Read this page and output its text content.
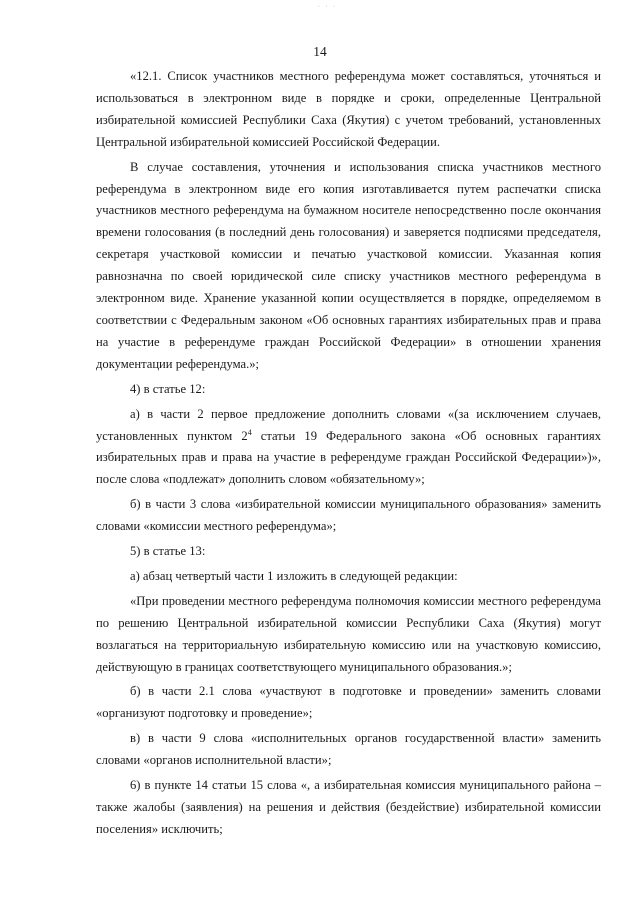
· · ·
14

«12.1. Список участников местного референдума может составляться, уточняться и использоваться в электронном виде в порядке и сроки, определенные Центральной избирательной комиссией Республики Саха (Якутия) с учетом требований, установленных Центральной избирательной комиссией Российской Федерации.

В случае составления, уточнения и использования списка участников местного референдума в электронном виде его копия изготавливается путем распечатки списка участников местного референдума на бумажном носителе непосредственно после окончания времени голосования (в последний день голосования) и заверяется подписями председателя, секретаря участковой комиссии и печатью участковой комиссии. Указанная копия равнозначна по своей юридической силе списку участников местного референдума в электронном виде. Хранение указанной копии осуществляется в порядке, определяемом в соответствии с Федеральным законом «Об основных гарантиях избирательных прав и права на участие в референдуме граждан Российской Федерации» в отношении хранения документации референдума.»;

4) в статье 12:

а) в части 2 первое предложение дополнить словами «(за исключением случаев, установленных пунктом $2^4$ статьи 19 Федерального закона «Об основных гарантиях избирательных прав и права на участие в референдуме граждан Российской Федерации»)», после слова «подлежат» дополнить словом «обязательному»;

б) в части 3 слова «избирательной комиссии муниципального образования» заменить словами «комиссии местного референдума»;

5) в статье 13:

а) абзац четвертый части 1 изложить в следующей редакции:

«При проведении местного референдума полномочия комиссии местного референдума по решению Центральной избирательной комиссии Республики Саха (Якутия) могут возлагаться на территориальную избирательную комиссию или на участковую комиссию, действующую в границах соответствующего муниципального образования.»;

б) в части 2.1 слова «участвуют в подготовке и проведении» заменить словами «организуют подготовку и проведение»;

в) в части 9 слова «исполнительных органов государственной власти» заменить словами «органов исполнительной власти»;

6) в пункте 14 статьи 15 слова «, а избирательная комиссия муниципального района – также жалобы (заявления) на решения и действия (бездействие) избирательной комиссии поселения» исключить;
